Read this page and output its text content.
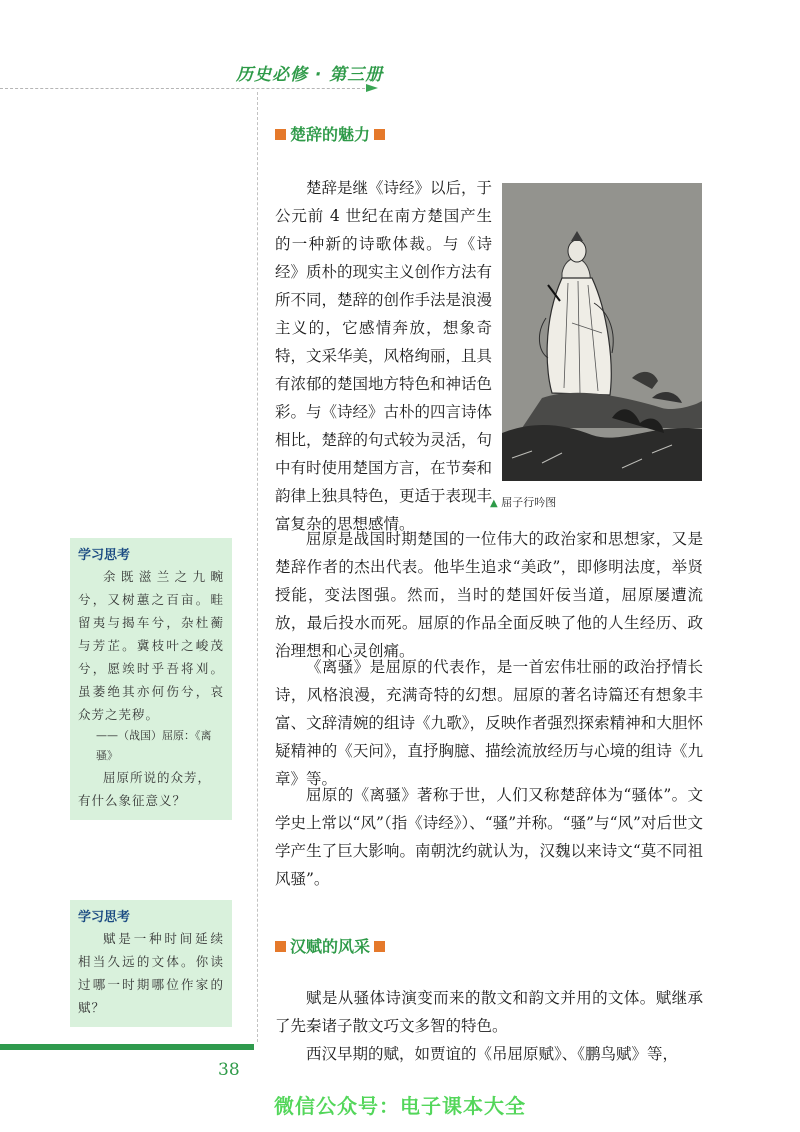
历史必修 · 第三册
楚辞的魅力

楚辞是继《诗经》以后，于公元前 4 世纪在南方楚国产生的一种新的诗歌体裁。与《诗经》质朴的现实主义创作方法有所不同，楚辞的创作手法是浪漫主义的，它感情奔放，想象奇特，文采华美，风格绚丽，且具有浓郁的楚国地方特色和神话色彩。与《诗经》古朴的四言诗体相比，楚辞的句式较为灵活，句中有时使用楚国方言，在节奏和韵律上独具特色，更适于表现丰富复杂的思想感情。

▲ 屈子行吟图

屈原是战国时期楚国的一位伟大的政治家和思想家，又是楚辞作者的杰出代表。他毕生追求“美政”，即修明法度，举贤授能，变法图强。然而，当时的楚国奸佞当道，屈原屡遭流放，最后投水而死。屈原的作品全面反映了他的人生经历、政治理想和心灵创痛。

《离骚》是屈原的代表作，是一首宏伟壮丽的政治抒情长诗，风格浪漫，充满奇特的幻想。屈原的著名诗篇还有想象丰富、文辞清婉的组诗《九歌》，反映作者强烈探索精神和大胆怀疑精神的《天问》，直抒胸臆、描绘流放经历与心境的组诗《九章》等。

屈原的《离骚》著称于世，人们又称楚辞体为“骚体”。文学史上常以“风”（指《诗经》）、“骚”并称。“骚”与“风”对后世文学产生了巨大影响。南朝沈约就认为，汉魏以来诗文“莫不同祖风骚”。

学习思考

余既滋兰之九畹兮，又树蕙之百亩。畦留夷与揭车兮，杂杜蘅与芳芷。冀枝叶之峻茂兮，愿竢时乎吾将刈。虽萎绝其亦何伤兮，哀众芳之芜秽。

——（战国）屈原：《离骚》

屈原所说的众芳，有什么象征意义？

学习思考

赋是一种时间延续相当久远的文体。你读过哪一时期哪位作家的赋？

汉赋的风采

赋是从骚体诗演变而来的散文和韵文并用的文体。赋继承了先秦诸子散文巧文多智的特色。

西汉早期的赋，如贾谊的《吊屈原赋》、《鹏鸟赋》等，

38
微信公众号：电子课本大全
